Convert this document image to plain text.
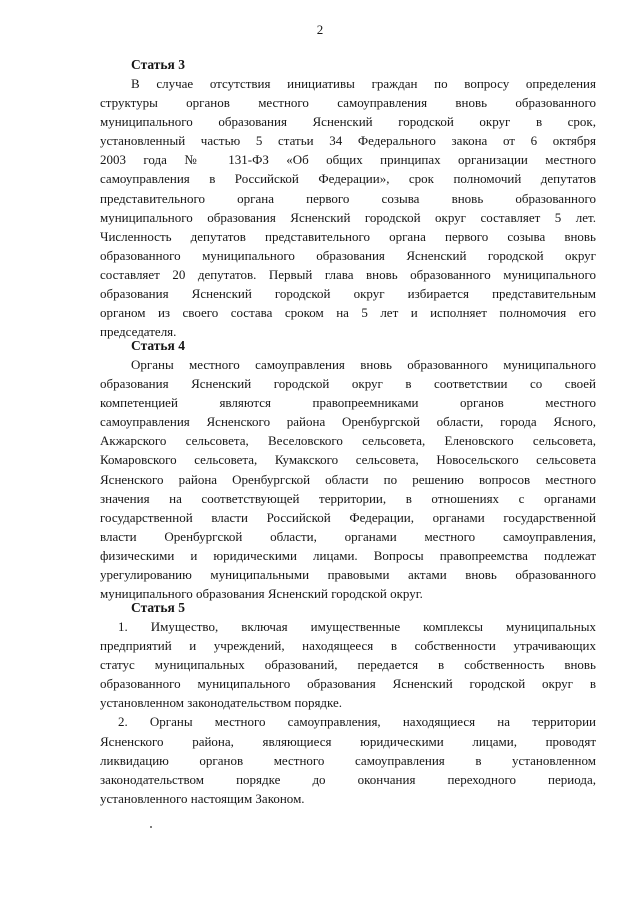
2
Статья 3
В случае отсутствия инициативы граждан по вопросу определения
структуры органов местного самоуправления вновь образованного
муниципального образования Ясненский городской округ в срок,
установленный частью 5 статьи 34 Федерального закона от 6 октября
2003 года № 131-ФЗ «Об общих принципах организации местного
самоуправления в Российской Федерации», срок полномочий депутатов
представительного органа первого созыва вновь образованного
муниципального образования Ясненский городской округ составляет 5 лет.
Численность депутатов представительного органа первого созыва вновь
образованного муниципального образования Ясненский городской округ
составляет 20 депутатов. Первый глава вновь образованного муниципального
образования Ясненский городской округ избирается представительным
органом из своего состава сроком на 5 лет и исполняет полномочия его
председателя.
Статья 4
Органы местного самоуправления вновь образованного муниципального
образования Ясненский городской округ в соответствии со своей
компетенцией являются правопреемниками органов местного
самоуправления Ясненского района Оренбургской области, города Ясного,
Акжарского сельсовета, Веселовского сельсовета, Еленовского сельсовета,
Комаровского сельсовета, Кумакского сельсовета, Новосельского сельсовета
Ясненского района Оренбургской области по решению вопросов местного
значения на соответствующей территории, в отношениях с органами
государственной власти Российской Федерации, органами государственной
власти Оренбургской области, органами местного самоуправления,
физическими и юридическими лицами. Вопросы правопреемства подлежат
урегулированию муниципальными правовыми актами вновь образованного
муниципального образования Ясненский городской округ.
Статья 5
1. Имущество, включая имущественные комплексы муниципальных
предприятий и учреждений, находящееся в собственности утрачивающих
статус муниципальных образований, передается в собственность вновь
образованного муниципального образования Ясненский городской округ в
установленном законодательством порядке.
2. Органы местного самоуправления, находящиеся на территории
Ясненского района, являющиеся юридическими лицами, проводят
ликвидацию органов местного самоуправления в установленном
законодательством порядке до окончания переходного периода,
установленного настоящим Законом.
